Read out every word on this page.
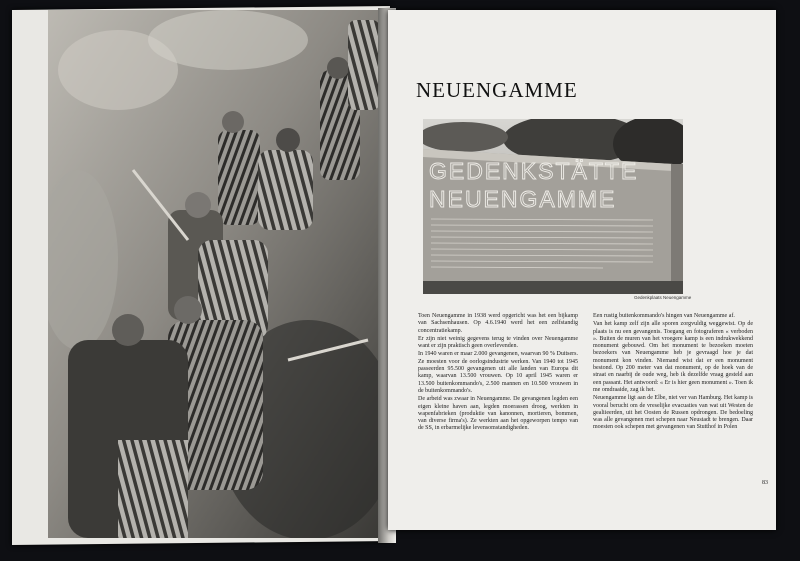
NEUENGAMME
GEDENKSTÄTTE
NEUENGAMME
Gedenkplaats Neuengamme

Toen Neuengamme in 1938 werd opgericht was het een bijkamp van Sachsenhausen. Op 4.6.1940 werd het een zelfstandig concentratiekamp.

Er zijn niet weinig gegevens terug te vinden over Neuengamme want er zijn praktisch geen overlevenden.

In 1940 waren er maar 2.000 gevangenen, waarvan 90 % Duitsers. Ze moesten voor de oorlogsindustrie werken. Van 1940 tot 1945 passeerden 95.500 gevangenen uit alle landen van Europa dit kamp, waarvan 13.500 vrouwen. Op 10 april 1945 waren er 13.500 buitenkommando's, 2.500 mannen en 10.500 vrouwen in de buitenkommando's.

De arbeid was zwaar in Neuengamme. De gevangenen legden een eigen kleine haven aan, legden moerassen droog, werkten in wapenfabrieken (produktie van kanonnen, mortieren, bommen, van diverse firma's). Ze werkten aan het opgeworpen tempo van de SS, in erbarmelijke levensomstandigheden.

Een rustig buitenkommando's hingen van Neuengamme af.

Van het kamp zelf zijn alle sporen zorgvuldig weggewist. Op de plaats is nu een gevangenis. Toegang en fotograferen « verboden ». Buiten de muren van het vroegere kamp is een indrukwekkend monument gebouwd. Om het monument te bezoeken moeten bezoekers van Neuengamme heb je gevraagd hoe je dat monument kon vinden. Niemand wist dat er een monument bestond. Op 200 meter van dat monument, op de hoek van de straat en naarbij de oude weg, heb ik dezelfde vraag gesteld aan een passant. Het antwoord: « Er is hier geen monument ». Toen ik me omdraaide, zag ik het.

Neuengamme ligt aan de Elbe, niet ver van Hamburg. Het kamp is vooral berucht om de vreselijke evacuaties van wat uit Westen de gealiieerden, uit het Oosten de Russen opdrongen. De bedoeling was alle gevangenen met schepen naar Neustadt te brengen. Daar moesten ook schepen met gevangenen van Stutthof in Polen

83
